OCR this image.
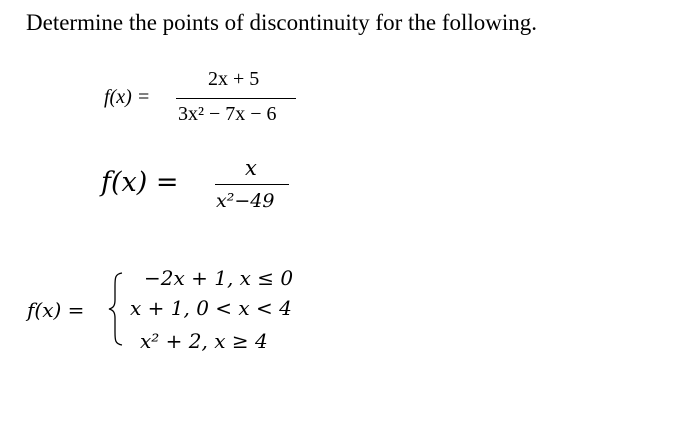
Determine the points of discontinuity for the following.
f(x) =
2x + 5
3x² − 7x − 6
f(x) =	x
x²−49
f(x) =
−2x + 1, x ≤ 0
x + 1, 0 < x < 4
x² + 2, x ≥ 4
